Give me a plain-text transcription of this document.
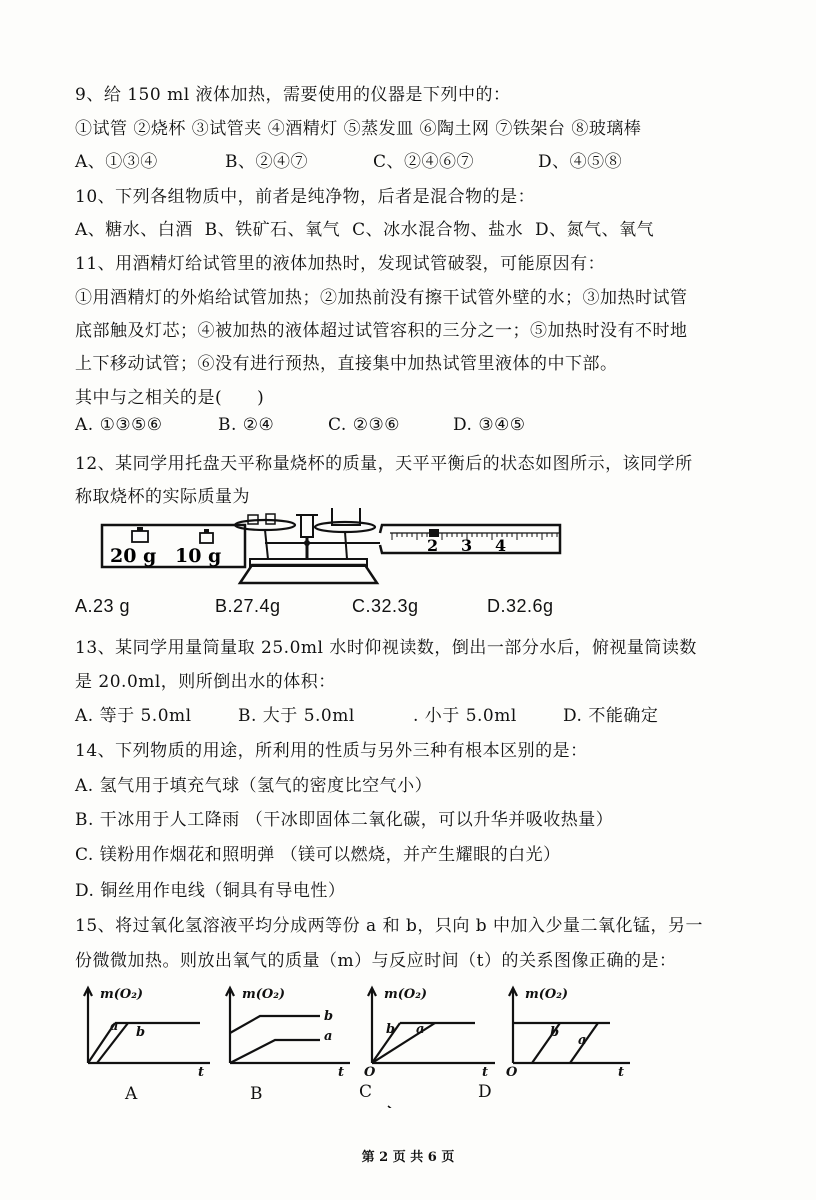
9、给 150 ml 液体加热，需要使用的仪器是下列中的：
①试管 ②烧杯 ③试管夹 ④酒精灯 ⑤蒸发皿 ⑥陶土网 ⑦铁架台 ⑧玻璃棒
A、①③④	B、②④⑦	C、②④⑥⑦	D、④⑤⑧
10、下列各组物质中，前者是纯净物，后者是混合物的是：
A、糖水、白酒 B、铁矿石、氧气 C、冰水混合物、盐水 D、氮气、氧气
11、用酒精灯给试管里的液体加热时，发现试管破裂，可能原因有：
①用酒精灯的外焰给试管加热；②加热前没有擦干试管外壁的水；③加热时试管
底部触及灯芯；④被加热的液体超过试管容积的三分之一；⑤加热时没有不时地
上下移动试管；⑥没有进行预热，直接集中加热试管里液体的中下部。
其中与之相关的是(　　)
A. ①③⑤⑥	B. ②④	C. ②③⑥	D. ③④⑤
12、某同学用托盘天平称量烧杯的质量，天平平衡后的状态如图所示，该同学所
称取烧杯的实际质量为
20 g 10 g	2 3 4
A.23 g	B.27.4g	C.32.3g	D.32.6g
13、某同学用量筒量取 25.0ml 水时仰视读数，倒出一部分水后，俯视量筒读数
是 20.0ml，则所倒出水的体积：
A. 等于 5.0ml	B. 大于 5.0ml	. 小于 5.0ml	D. 不能确定
14、下列物质的用途，所利用的性质与另外三种有根本区别的是：
A. 氢气用于填充气球（氢气的密度比空气小）
B. 干冰用于人工降雨 （干冰即固体二氧化碳，可以升华并吸收热量）
C. 镁粉用作烟花和照明弹 （镁可以燃烧，并产生耀眼的白光）
D. 铜丝用作电线（铜具有导电性）
15、将过氧化氢溶液平均分成两等份 a 和 b，只向 b 中加入少量二氧化锰，另一
份微微加热。则放出氧气的质量（m）与反应时间（t）的关系图像正确的是：
m(O₂)	m(O₂)	m(O₂)	m(O₂)
t	t	t	t
O	O
a b
b
a	b a	b
a
A	B	C	D
第 2 页 共 6 页
